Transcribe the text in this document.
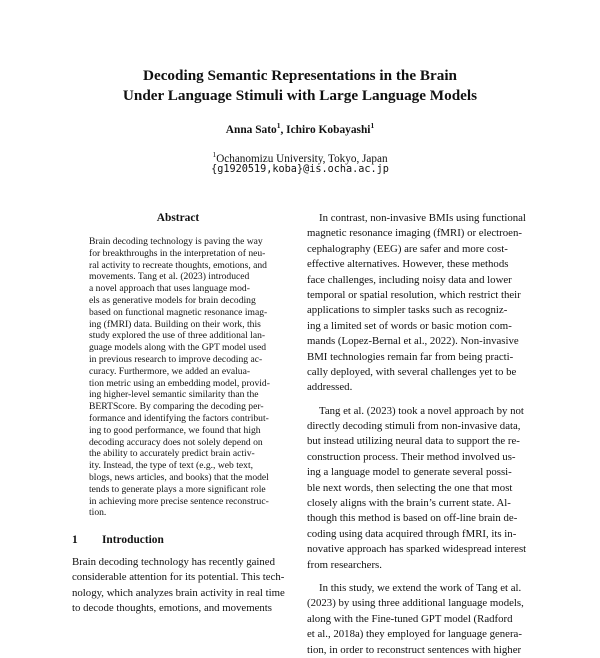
Decoding Semantic Representations in the Brain
Under Language Stimuli with Large Language Models
Anna Sato$^1$, Ichiro Kobayashi$^1$
$^1$Ochanomizu University, Tokyo, Japan
{g1920519,koba}@is.ocha.ac.jp
Abstract
Brain decoding technology is paving the way
for breakthroughs in the interpretation of neu-
ral activity to recreate thoughts, emotions, and
movements. Tang et al. (2023) introduced
a novel approach that uses language mod-
els as generative models for brain decoding
based on functional magnetic resonance imag-
ing (fMRI) data. Building on their work, this
study explored the use of three additional lan-
guage models along with the GPT model used
in previous research to improve decoding ac-
curacy. Furthermore, we added an evalua-
tion metric using an embedding model, provid-
ing higher-level semantic similarity than the
BERTScore. By comparing the decoding per-
formance and identifying the factors contribut-
ing to good performance, we found that high
decoding accuracy does not solely depend on
the ability to accurately predict brain activ-
ity. Instead, the type of text (e.g., web text,
blogs, news articles, and books) that the model
tends to generate plays a more significant role
in achieving more precise sentence reconstruc-
tion.
1 Introduction
Brain decoding technology has recently gained
considerable attention for its potential. This tech-
nology, which analyzes brain activity in real time
to decode thoughts, emotions, and movements
In contrast, non-invasive BMIs using functional
magnetic resonance imaging (fMRI) or electroen-
cephalography (EEG) are safer and more cost-
effective alternatives. However, these methods
face challenges, including noisy data and lower
temporal or spatial resolution, which restrict their
applications to simpler tasks such as recogniz-
ing a limited set of words or basic motion com-
mands (Lopez-Bernal et al., 2022). Non-invasive
BMI technologies remain far from being practi-
cally deployed, with several challenges yet to be
addressed.
Tang et al. (2023) took a novel approach by not
directly decoding stimuli from non-invasive data,
but instead utilizing neural data to support the re-
construction process. Their method involved us-
ing a language model to generate several possi-
ble next words, then selecting the one that most
closely aligns with the brain’s current state. Al-
though this method is based on off-line brain de-
coding using data acquired through fMRI, its in-
novative approach has sparked widespread interest
from researchers.
In this study, we extend the work of Tang et al.
(2023) by using three additional language models,
along with the Fine-tuned GPT model (Radford
et al., 2018a) they employed for language genera-
tion, in order to reconstruct sentences with higher
